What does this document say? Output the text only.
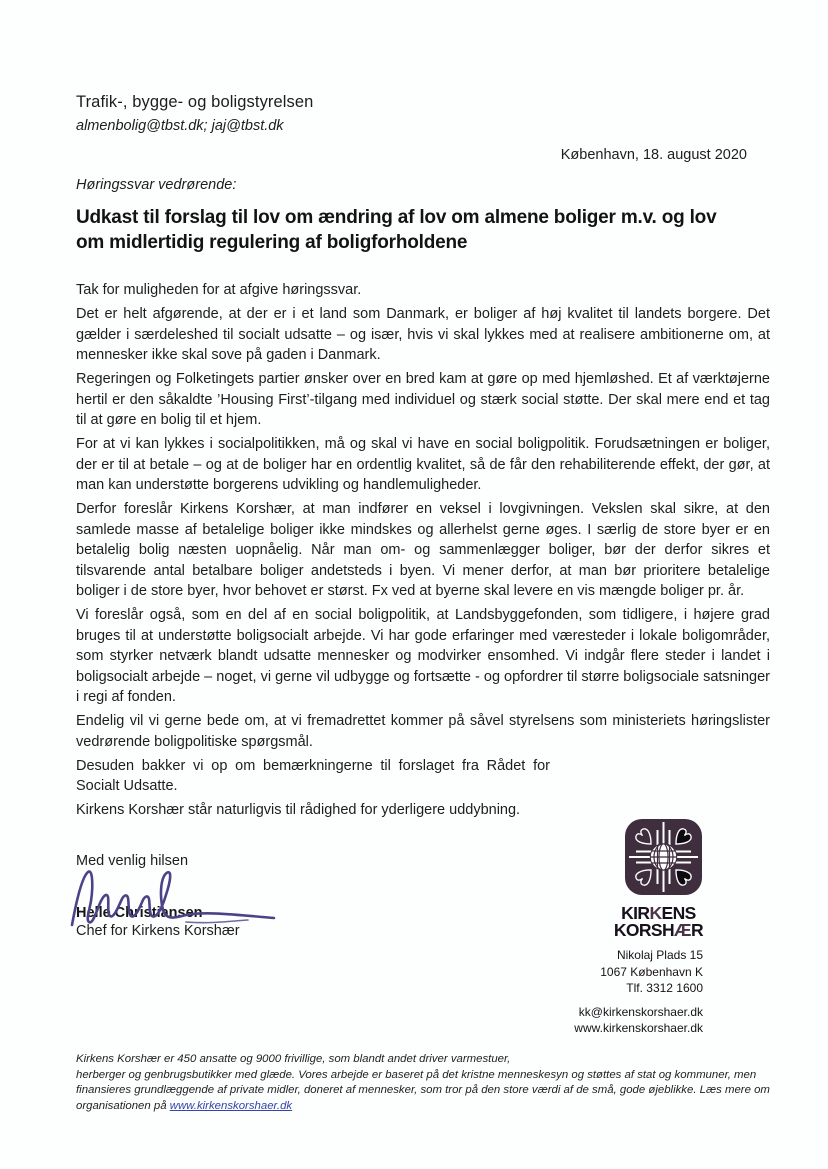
Trafik-, bygge- og boligstyrelsen
almenbolig@tbst.dk; jaj@tbst.dk
København, 18. august 2020
Høringssvar vedrørende:
Udkast til forslag til lov om ændring af lov om almene boliger m.v. og lov
om midlertidig regulering af boligforholdene

Tak for muligheden for at afgive høringssvar.

Det er helt afgørende, at der er i et land som Danmark, er boliger af høj kvalitet til landets borgere. Det gælder i særdeleshed til socialt udsatte – og især, hvis vi skal lykkes med at realisere ambitionerne om, at mennesker ikke skal sove på gaden i Danmark.

Regeringen og Folketingets partier ønsker over en bred kam at gøre op med hjemløshed. Et af værktøjerne hertil er den såkaldte ’Housing First’-tilgang med individuel og stærk social støtte. Der skal mere end et tag til at gøre en bolig til et hjem.

For at vi kan lykkes i socialpolitikken, må og skal vi have en social boligpolitik. Forudsætningen er boliger, der er til at betale – og at de boliger har en ordentlig kvalitet, så de får den rehabiliterende effekt, der gør, at man kan understøtte borgerens udvikling og handlemuligheder.

Derfor foreslår Kirkens Korshær, at man indfører en veksel i lovgivningen. Vekslen skal sikre, at den samlede masse af betalelige boliger ikke mindskes og allerhelst gerne øges. I særlig de store byer er en betalelig bolig næsten uopnåelig. Når man om- og sammenlægger boliger, bør der derfor sikres et tilsvarende antal betalbare boliger andetsteds i byen. Vi mener derfor, at man bør prioritere betalelige boliger i de store byer, hvor behovet er størst. Fx ved at byerne skal levere en vis mængde boliger pr. år.

Vi foreslår også, som en del af en social boligpolitik, at Landsbyggefonden, som tidligere, i højere grad bruges til at understøtte boligsocialt arbejde. Vi har gode erfaringer med væresteder i lokale boligområder, som styrker netværk blandt udsatte mennesker og modvirker ensomhed. Vi indgår flere steder i landet i boligsocialt arbejde – noget, vi gerne vil udbygge og fortsætte - og opfordrer til større boligsociale satsninger i regi af fonden.

Endelig vil vi gerne bede om, at vi fremadrettet kommer på såvel styrelsens som ministeriets høringslister vedrørende boligpolitiske spørgsmål.

Desuden bakker vi op om bemærkningerne til forslaget fra Rådet for Socialt Udsatte.

Kirkens Korshær står naturligvis til rådighed for yderligere uddybning.

Med venlig hilsen

Helle Christiansen
Chef for Kirkens Korshær
KIRKENS
KORSHÆR
Nikolaj Plads 15
1067 København K
Tlf. 3312 1600
kk@kirkenskorshaer.dk
www.kirkenskorshaer.dk
Kirkens Korshær er 450 ansatte og 9000 frivillige, som blandt andet driver varmestuer,
herberger og genbrugsbutikker med glæde. Vores arbejde er baseret på det kristne menneskesyn og støttes af stat og kommuner, men finansieres grundlæggende af private midler, doneret af mennesker, som tror på den store værdi af de små, gode øjeblikke. Læs mere om organisationen på www.kirkenskorshaer.dk
